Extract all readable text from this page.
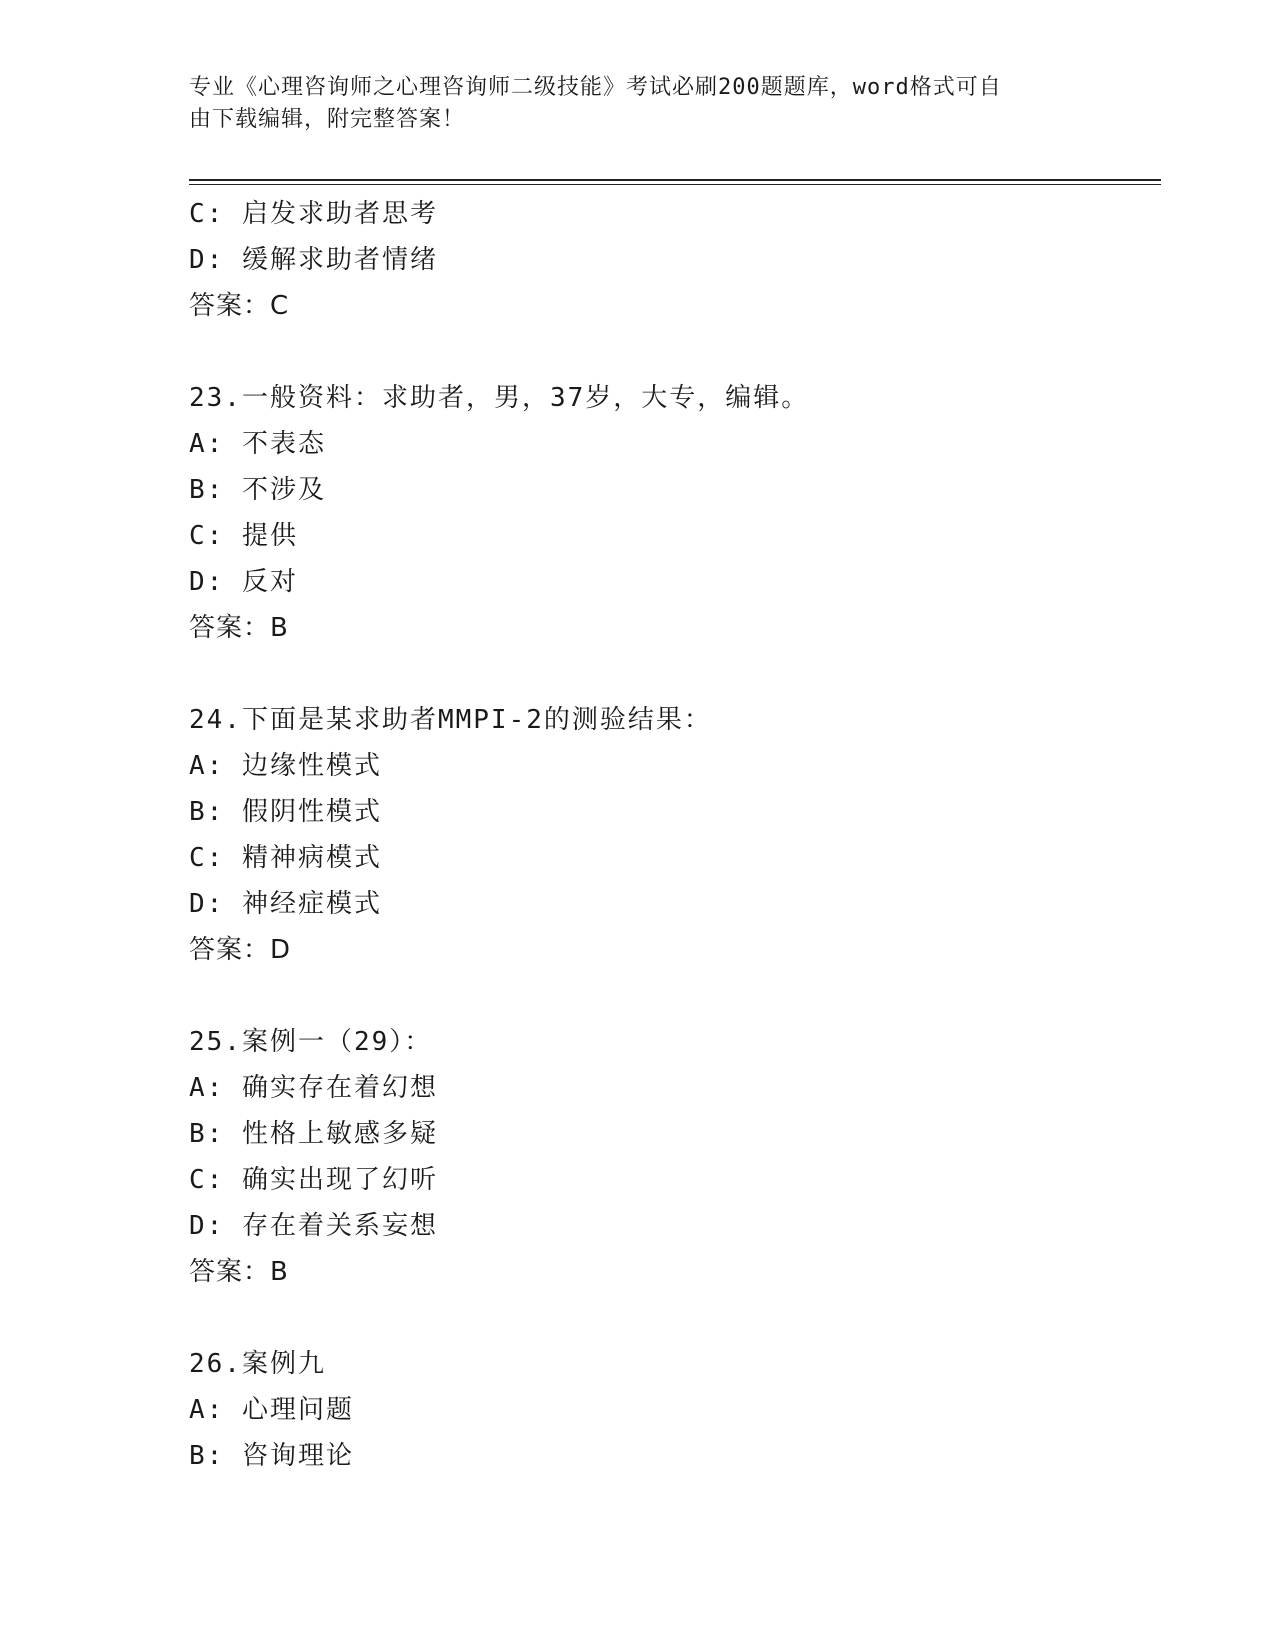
专业《心理咨询师之心理咨询师二级技能》考试必刷200题题库，word格式可自
由下载编辑，附完整答案！
C: 启发求助者思考
D: 缓解求助者情绪
答案：C
23.一般资料：求助者，男，37岁，大专，编辑。
A: 不表态
B: 不涉及
C: 提供
D: 反对
答案：B
24.下面是某求助者MMPI-2的测验结果：
A: 边缘性模式
B: 假阴性模式
C: 精神病模式
D: 神经症模式
答案：D
25.案例一（29）：
A: 确实存在着幻想
B: 性格上敏感多疑
C: 确实出现了幻听
D: 存在着关系妄想
答案：B
26.案例九
A: 心理问题
B: 咨询理论
